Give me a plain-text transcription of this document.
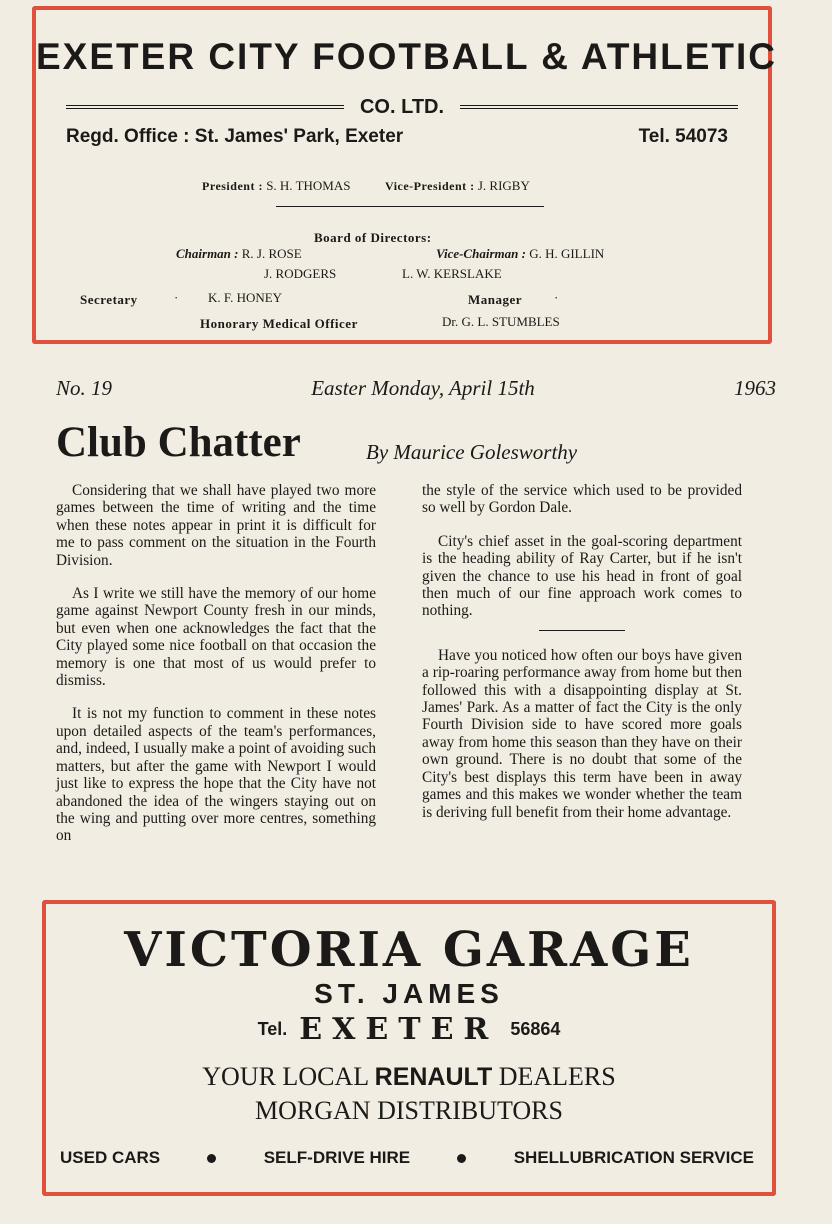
EXETER CITY FOOTBALL & ATHLETIC
CO. LTD.
Regd. Office : St. James' Park, Exeter	Tel. 54073
President : S. H. THOMAS	Vice-President : J. RIGBY
Board of Directors:
Chairman : R. J. ROSE	Vice-Chairman : G. H. GILLIN
J. RODGERS	L. W. KERSLAKE
Secretary	· K. F. HONEY	Manager ·
Honorary Medical Officer	Dr. G. L. STUMBLES
No. 19	Easter Monday, April 15th	1963
Club Chatter	By Maurice Golesworthy

Considering that we shall have played two more games between the time of writing and the time when these notes appear in print it is difficult for me to pass comment on the situation in the Fourth Division.

As I write we still have the memory of our home game against Newport County fresh in our minds, but even when one acknowledges the fact that the City played some nice football on that occasion the memory is one that most of us would prefer to dismiss.

It is not my function to comment in these notes upon detailed aspects of the team's performances, and, indeed, I usually make a point of avoiding such matters, but after the game with Newport I would just like to express the hope that the City have not abandoned the idea of the wingers staying out on the wing and putting over more centres, something on

the style of the service which used to be provided so well by Gordon Dale.

City's chief asset in the goal-scoring department is the heading ability of Ray Carter, but if he isn't given the chance to use his head in front of goal then much of our fine approach work comes to nothing.

Have you noticed how often our boys have given a rip-roaring performance away from home but then followed this with a disappointing display at St. James' Park. As a matter of fact the City is the only Fourth Division side to have scored more goals away from home this season than they have on their own ground. There is no doubt that some of the City's best displays this term have been in away games and this makes we wonder whether the team is deriving full benefit from their home advantage.

VICTORIA GARAGE
ST. JAMES
Tel. EXETER 56864
YOUR LOCAL RENAULT DEALERS
MORGAN DISTRIBUTORS
USED CARS	SELF-DRIVE HIRE	SHELLUBRICATION SERVICE
